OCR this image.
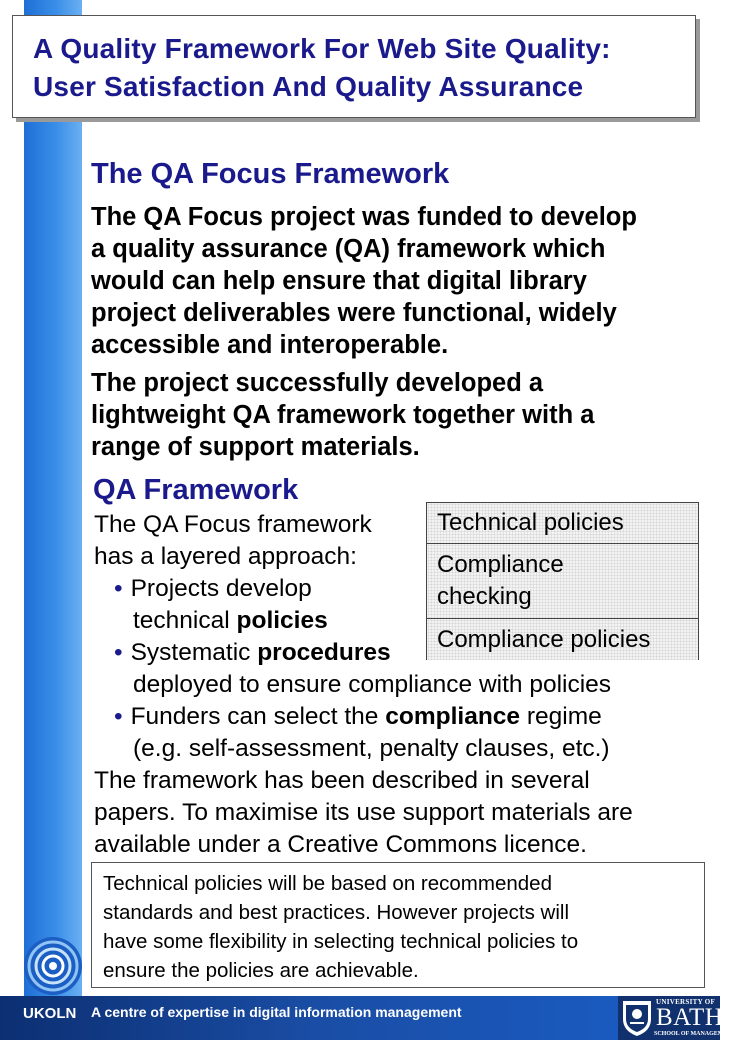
A Quality Framework For Web Site Quality:
User Satisfaction And Quality Assurance
The QA Focus Framework
The QA Focus project was funded to develop
a quality assurance (QA) framework which
would can help ensure that digital library
project deliverables were functional, widely
accessible and interoperable.
The project successfully developed a
lightweight QA framework together with a
range of support materials.
QA Framework
The QA Focus framework
has a layered approach:
• Projects develop
technical policies
• Systematic procedures
deployed to ensure compliance with policies
• Funders can select the compliance regime
(e.g. self-assessment, penalty clauses, etc.)
The framework has been described in several
papers. To maximise its use support materials are
available under a Creative Commons licence.
Technical policies
Compliance
checking
Compliance policies
Technical policies will be based on recommended
standards and best practices. However projects will
have some flexibility in selecting technical policies to
ensure the policies are achievable.
UKOLN A centre of expertise in digital information management
UNIVERSITY OF
BATH
SCHOOL OF MANAGEMENT
